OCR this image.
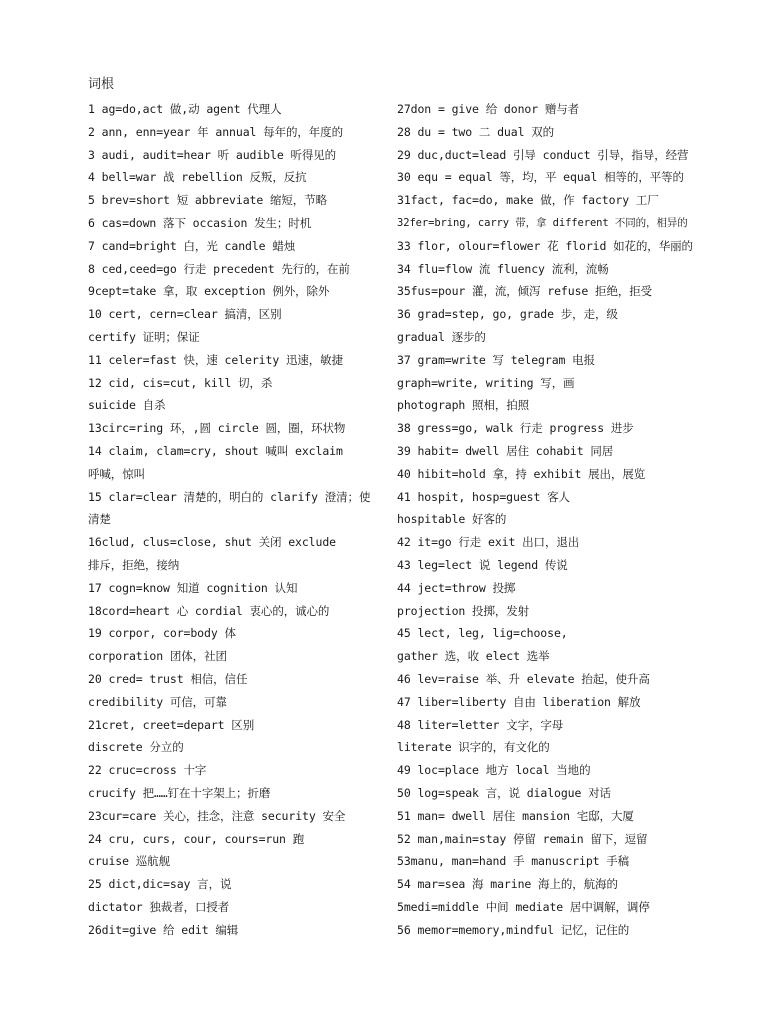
词根
1 ag=do,act 做,动 agent 代理人
2 ann, enn=year 年 annual 每年的，年度的
3 audi, audit=hear 听 audible 听得见的
4 bell=war 战 rebellion 反叛，反抗
5 brev=short 短 abbreviate 缩短，节略
6 cas=down 落下 occasion 发生；时机
7 cand=bright 白，光 candle 蜡烛
8 ced,ceed=go 行走 precedent 先行的，在前
9cept=take 拿，取 exception 例外，除外
10 cert, cern=clear 搞清，区别
certify 证明；保证
11 celer=fast 快，速 celerity 迅速，敏捷
12 cid, cis=cut, kill 切，杀
suicide 自杀
13circ=ring 环，,圆 circle 圆，圈，环状物
14 claim, clam=cry, shout 喊叫 exclaim
呼喊，惊叫
15 clar=clear 清楚的，明白的 clarify 澄清；使
清楚
16clud, clus=close, shut 关闭 exclude
排斥，拒绝，接纳
17 cogn=know 知道 cognition 认知
18cord=heart 心 cordial 衷心的，诚心的
19 corpor, cor=body 体
corporation 团体，社团
20 cred= trust 相信，信任
credibility 可信，可靠
21cret, creet=depart 区别
discrete 分立的
22 cruc=cross 十字
crucify 把……钉在十字架上；折磨
23cur=care 关心，挂念，注意 security 安全
24 cru, curs, cour, cours=run 跑
cruise 巡航舰
25 dict,dic=say 言，说
dictator 独裁者，口授者
26dit=give 给 edit 编辑
27don = give 给 donor 赠与者
28 du = two 二 dual 双的
29 duc,duct=lead 引导 conduct 引导，指导，经营
30 equ = equal 等，均，平 equal 相等的，平等的
31fact, fac=do, make 做，作 factory 工厂
32fer=bring, carry 带，拿 different 不同的，相异的
33 flor, olour=flower 花 florid 如花的，华丽的
34 flu=flow 流 fluency 流利，流畅
35fus=pour 灌，流，倾泻 refuse 拒绝，拒受
36 grad=step, go, grade 步，走，级
gradual 逐步的
37 gram=write 写 telegram 电报
graph=write, writing 写，画
photograph 照相，拍照
38 gress=go, walk 行走 progress 进步
39 habit= dwell 居住 cohabit 同居
40 hibit=hold 拿，持 exhibit 展出，展览
41 hospit, hosp=guest 客人
hospitable 好客的
42 it=go 行走 exit 出口，退出
43 leg=lect 说 legend 传说
44 ject=throw 投掷
projection 投掷，发射
45 lect, leg, lig=choose,
gather 选，收 elect 选举
46 lev=raise 举、升 elevate 抬起，使升高
47 liber=liberty 自由 liberation 解放
48 liter=letter 文字，字母
literate 识字的，有文化的
49 loc=place 地方 local 当地的
50 log=speak 言，说 dialogue 对话
51 man= dwell 居住 mansion 宅邸，大厦
52 man,main=stay 停留 remain 留下，逗留
53manu, man=hand 手 manuscript 手稿
54 mar=sea 海 marine 海上的，航海的
5medi=middle 中间 mediate 居中调解，调停
56 memor=memory,mindful 记忆，记住的
